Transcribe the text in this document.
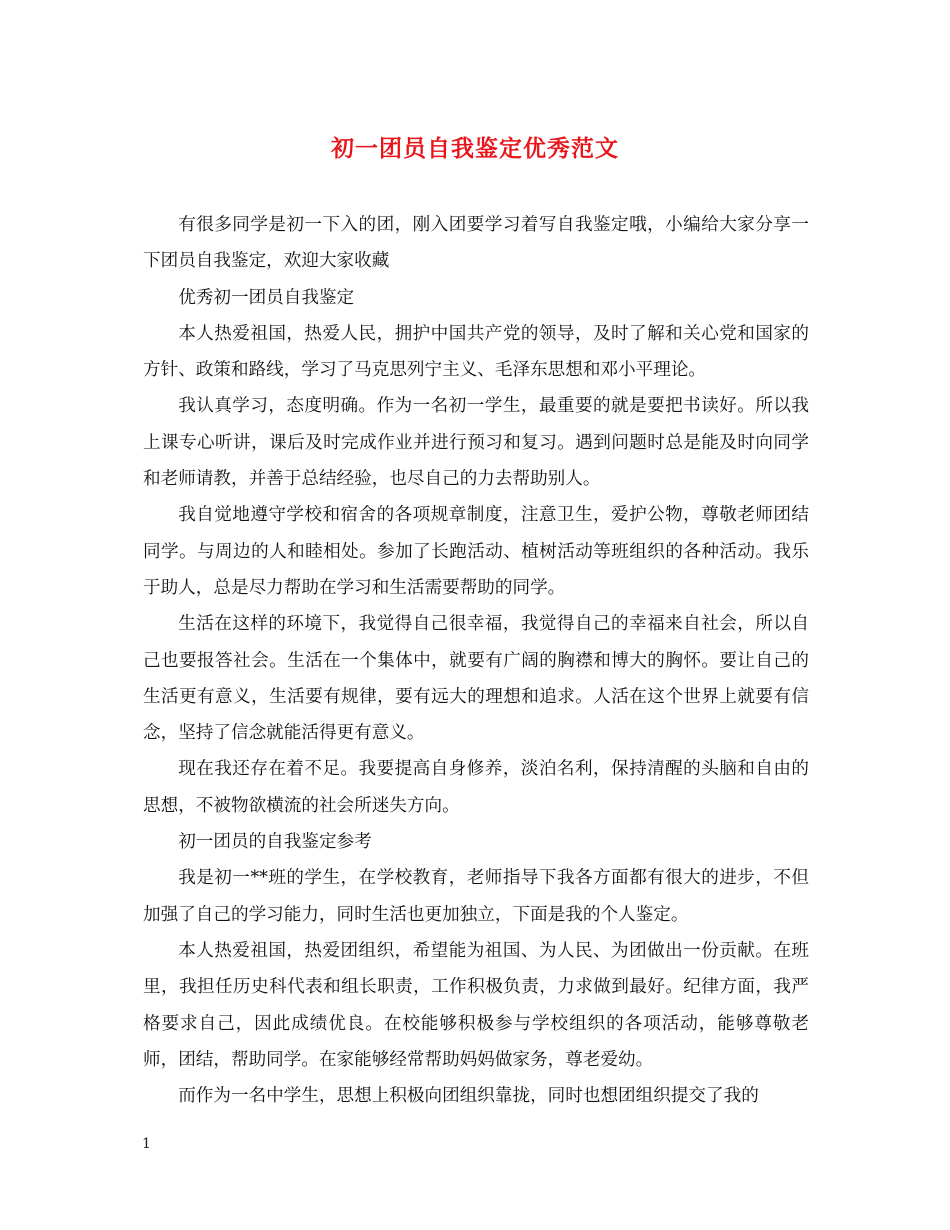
初一团员自我鉴定优秀范文

有很多同学是初一下入的团，刚入团要学习着写自我鉴定哦，小编给大家分享一下团员自我鉴定，欢迎大家收藏

优秀初一团员自我鉴定

本人热爱祖国，热爱人民，拥护中国共产党的领导，及时了解和关心党和国家的方针、政策和路线，学习了马克思列宁主义、毛泽东思想和邓小平理论。

我认真学习，态度明确。作为一名初一学生，最重要的就是要把书读好。所以我上课专心听讲，课后及时完成作业并进行预习和复习。遇到问题时总是能及时向同学和老师请教，并善于总结经验，也尽自己的力去帮助别人。

我自觉地遵守学校和宿舍的各项规章制度，注意卫生，爱护公物，尊敬老师团结同学。与周边的人和睦相处。参加了长跑活动、植树活动等班组织的各种活动。我乐于助人，总是尽力帮助在学习和生活需要帮助的同学。

生活在这样的环境下，我觉得自己很幸福，我觉得自己的幸福来自社会，所以自己也要报答社会。生活在一个集体中，就要有广阔的胸襟和博大的胸怀。要让自己的生活更有意义，生活要有规律，要有远大的理想和追求。人活在这个世界上就要有信念，坚持了信念就能活得更有意义。

现在我还存在着不足。我要提高自身修养，淡泊名利，保持清醒的头脑和自由的思想，不被物欲横流的社会所迷失方向。

初一团员的自我鉴定参考

我是初一**班的学生，在学校教育，老师指导下我各方面都有很大的进步，不但加强了自己的学习能力，同时生活也更加独立，下面是我的个人鉴定。

本人热爱祖国，热爱团组织，希望能为祖国、为人民、为团做出一份贡献。在班里，我担任历史科代表和组长职责，工作积极负责，力求做到最好。纪律方面，我严格要求自己，因此成绩优良。在校能够积极参与学校组织的各项活动，能够尊敬老师，团结，帮助同学。在家能够经常帮助妈妈做家务，尊老爱幼。

而作为一名中学生，思想上积极向团组织靠拢，同时也想团组织提交了我的

1
